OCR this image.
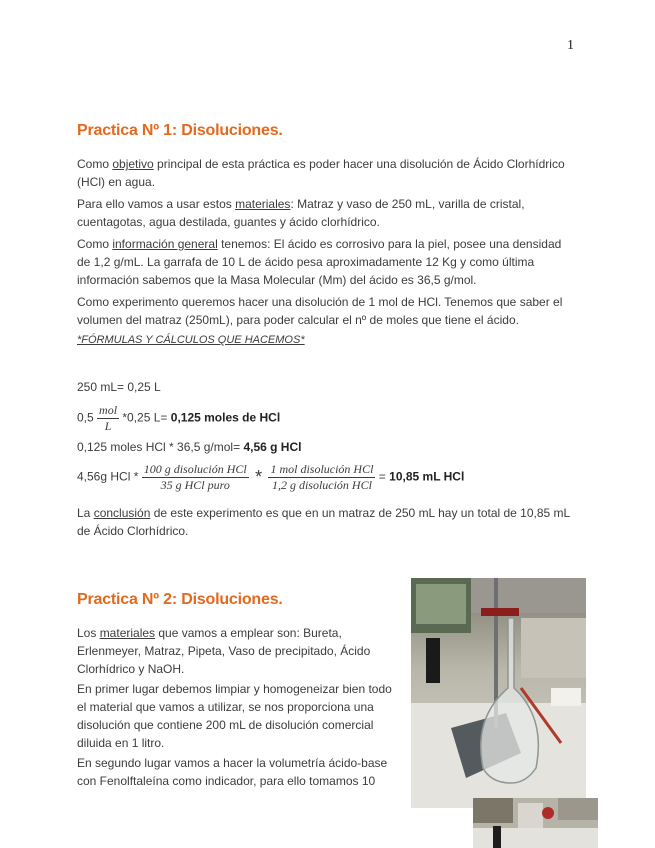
1
Practica Nº 1: Disoluciones.
Como objetivo principal de esta práctica es poder hacer una disolución de Ácido Clorhídrico (HCl) en agua.
Para ello vamos a usar estos materiales: Matraz y vaso de 250 mL, varilla de cristal, cuentagotas, agua destilada, guantes y ácido clorhídrico.
Como información general tenemos: El ácido es corrosivo para la piel, posee una densidad de 1,2 g/mL. La garrafa de 10 L de ácido pesa aproximadamente 12 Kg y como última información sabemos que la Masa Molecular (Mm) del ácido es 36,5 g/mol.
Como experimento queremos hacer una disolución de 1 mol de HCl. Tenemos que saber el volumen del matraz (250mL), para poder calcular el nº de moles que tiene el ácido.
*FÓRMULAS Y CÁLCULOS QUE HACEMOS*
250 mL= 0,25 L
$0,5 \frac{\text{mol}}{L} *0,25$ L= 0,125 moles de HCl
0,125 moles HCl * 36,5 g/mol= 4,56 g HCl
4,56g HCl * $\frac{\text{100 g disolución HCl}}{\text{35 g HCl puro}} * \frac{\text{1 mol disolución HCl}}{\text{1,2 g disolución HCl}} = 10,85$ mL HCl
La conclusión de este experimento es que en un matraz de 250 mL hay un total de 10,85 mL de Ácido Clorhídrico.
Practica Nº 2: Disoluciones.
Los materiales que vamos a emplear son: Bureta, Erlenmeyer, Matraz, Pipeta, Vaso de precipitado, Ácido Clorhídrico y NaOH.
En primer lugar debemos limpiar y homogeneizar bien todo el material que vamos a utilizar, se nos proporciona una disolución que contiene 200 mL de disolución comercial diluida en 1 litro.
En segundo lugar vamos a hacer la volumetría ácido-base con Fenolftaleína como indicador, para ello tomamos 10
